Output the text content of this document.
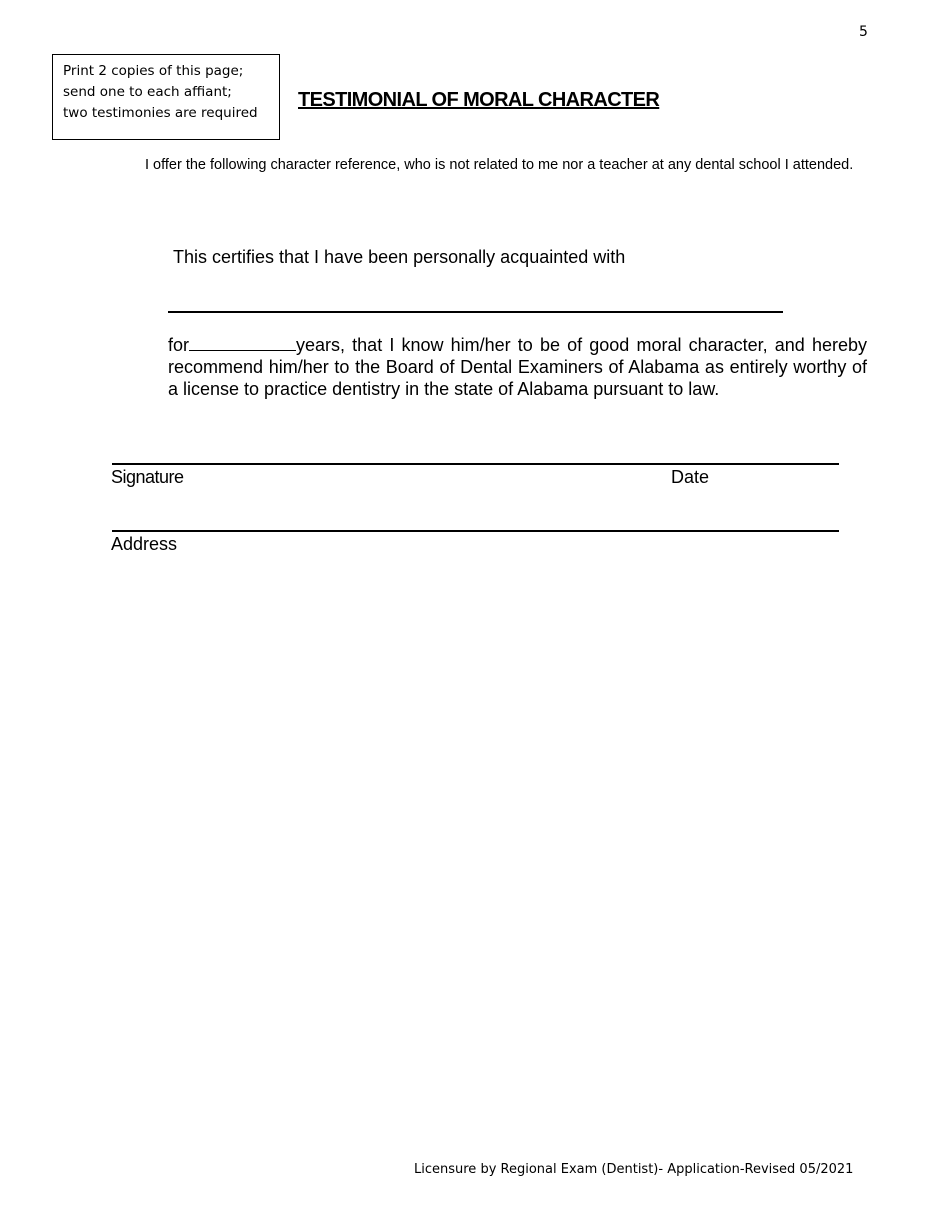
5
Print 2 copies of this page;
send one to each affiant;
two testimonies are required
TESTIMONIAL OF MORAL CHARACTER
I offer the following character reference, who is not related to me nor a teacher at any dental school I attended.
This certifies that I have been personally acquainted with
for	years, that I know him/her to be of good moral character, and hereby recommend him/her to the Board of Dental Examiners of Alabama as entirely worthy of a license to practice dentistry in the state of Alabama pursuant to law.
Signature	Date
Address
Licensure by Regional Exam (Dentist)- Application-Revised 05/2021
